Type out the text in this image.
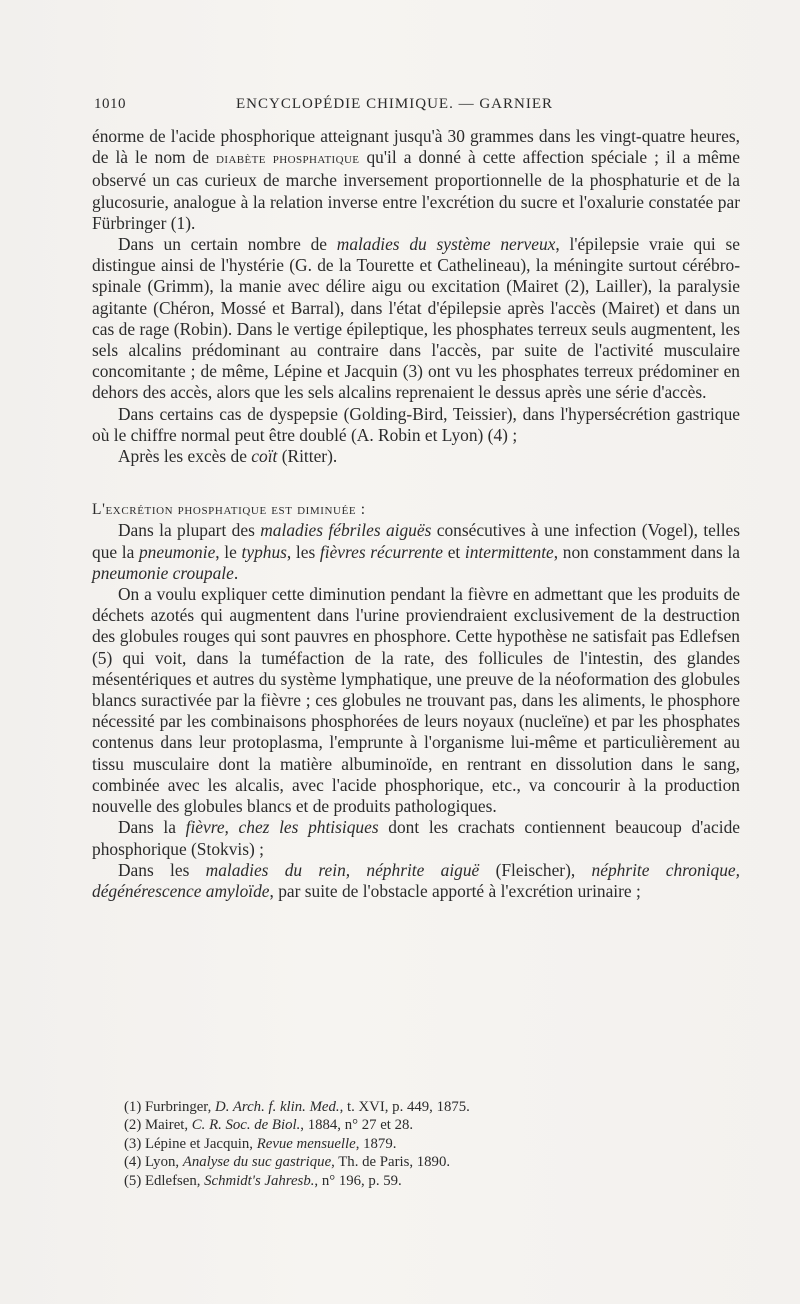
1010	ENCYCLOPÉDIE CHIMIQUE. — GARNIER

énorme de l'acide phosphorique atteignant jusqu'à 30 grammes dans les vingt-quatre heures, de là le nom de diabète phosphatique qu'il a donné à cette affection spéciale ; il a même observé un cas curieux de marche inversement proportionnelle de la phosphaturie et de la glucosurie, analogue à la relation inverse entre l'excrétion du sucre et l'oxalurie constatée par Fürbringer (1).

Dans un certain nombre de maladies du système nerveux, l'épilepsie vraie qui se distingue ainsi de l'hystérie (G. de la Tourette et Cathelineau), la méningite surtout cérébro-spinale (Grimm), la manie avec délire aigu ou excitation (Mairet (2), Lailler), la paralysie agitante (Chéron, Mossé et Barral), dans l'état d'épilepsie après l'accès (Mairet) et dans un cas de rage (Robin). Dans le vertige épileptique, les phosphates terreux seuls augmentent, les sels alcalins prédominant au contraire dans l'accès, par suite de l'activité musculaire concomitante ; de même, Lépine et Jacquin (3) ont vu les phosphates terreux prédominer en dehors des accès, alors que les sels alcalins reprenaient le dessus après une série d'accès.

Dans certains cas de dyspepsie (Golding-Bird, Teissier), dans l'hypersécrétion gastrique où le chiffre normal peut être doublé (A. Robin et Lyon) (4) ;

Après les excès de coït (Ritter).

L'excrétion phosphatique est diminuée :

Dans la plupart des maladies fébriles aiguës consécutives à une infection (Vogel), telles que la pneumonie, le typhus, les fièvres récurrente et intermittente, non constamment dans la pneumonie croupale.

On a voulu expliquer cette diminution pendant la fièvre en admettant que les produits de déchets azotés qui augmentent dans l'urine proviendraient exclusivement de la destruction des globules rouges qui sont pauvres en phosphore. Cette hypothèse ne satisfait pas Edlefsen (5) qui voit, dans la tuméfaction de la rate, des follicules de l'intestin, des glandes mésentériques et autres du système lymphatique, une preuve de la néoformation des globules blancs suractivée par la fièvre ; ces globules ne trouvant pas, dans les aliments, le phosphore nécessité par les combinaisons phosphorées de leurs noyaux (nucleïne) et par les phosphates contenus dans leur protoplasma, l'emprunte à l'organisme lui-même et particulièrement au tissu musculaire dont la matière albuminoïde, en rentrant en dissolution dans le sang, combinée avec les alcalis, avec l'acide phosphorique, etc., va concourir à la production nouvelle des globules blancs et de produits pathologiques.

Dans la fièvre, chez les phtisiques dont les crachats contiennent beaucoup d'acide phosphorique (Stokvis) ;

Dans les maladies du rein, néphrite aiguë (Fleischer), néphrite chronique, dégénérescence amyloïde, par suite de l'obstacle apporté à l'excrétion urinaire ;

(1) Furbringer, D. Arch. f. klin. Med., t. XVI, p. 449, 1875.
(2) Mairet, C. R. Soc. de Biol., 1884, n° 27 et 28.
(3) Lépine et Jacquin, Revue mensuelle, 1879.
(4) Lyon, Analyse du suc gastrique, Th. de Paris, 1890.
(5) Edlefsen, Schmidt's Jahresb., n° 196, p. 59.
